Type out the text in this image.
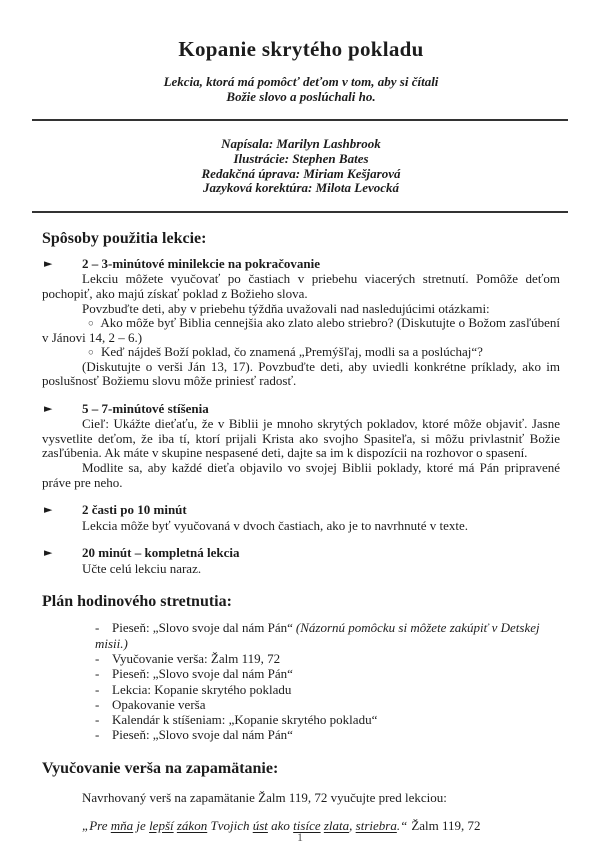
Kopanie skrytého pokladu

Lekcia, ktorá má pomôcť deťom v tom, aby si čítali
Božie slovo a poslúchali ho.

Napísala: Marilyn Lashbrook
Ilustrácie: Stephen Bates
Redakčná úprava: Miriam Kešjarová
Jazyková korektúra: Milota Levocká
Spôsoby použitia lekcie:
► 2 – 3-minútové minilekcie na pokračovanie

Lekciu môžete vyučovať po častiach v priebehu viacerých stretnutí. Pomôže deťom pochopiť, ako majú získať poklad z Božieho slova.

Povzbuďte deti, aby v priebehu týždňa uvažovali nad nasledujúcimi otázkami:

○ Ako môže byť Biblia cennejšia ako zlato alebo striebro? (Diskutujte o Božom zasľúbení v Jánovi 14, 2 – 6.)

○ Keď nájdeš Boží poklad, čo znamená „Premýšľaj, modli sa a poslúchaj“?

(Diskutujte o verši Ján 13, 17). Povzbuďte deti, aby uviedli konkrétne príklady, ako im poslušnosť Božiemu slovu môže priniesť radosť.

► 5 – 7-minútové stíšenia

Cieľ: Ukážte dieťaťu, že v Biblii je mnoho skrytých pokladov, ktoré môže objaviť. Jasne vysvetlite deťom, že iba tí, ktorí prijali Krista ako svojho Spasiteľa, si môžu privlastniť Božie zasľúbenia. Ak máte v skupine nespasené deti, dajte sa im k dispozícii na rozhovor o spasení.

Modlite sa, aby každé dieťa objavilo vo svojej Biblii poklady, ktoré má Pán pripravené práve pre neho.

► 2 časti po 10 minút

Lekcia môže byť vyučovaná v dvoch častiach, ako je to navrhnuté v texte.

► 20 minút – kompletná lekcia

Učte celú lekciu naraz.

Plán hodinového stretnutia:
- Pieseň: „Slovo svoje dal nám Pán“ (Názornú pomôcku si môžete zakúpiť v Detskej misii.)
- Vyučovanie verša: Žalm 119, 72
- Pieseň: „Slovo svoje dal nám Pán“
- Lekcia: Kopanie skrytého pokladu
- Opakovanie verša
- Kalendár k stíšeniam: „Kopanie skrytého pokladu“
- Pieseň: „Slovo svoje dal nám Pán“
Vyučovanie verša na zapamätanie:

Navrhovaný verš na zapamätanie Žalm 119, 72 vyučujte pred lekciou:

„Pre mňa je lepší zákon Tvojich úst ako tisíce zlata, striebra.“ Žalm 119, 72

1
